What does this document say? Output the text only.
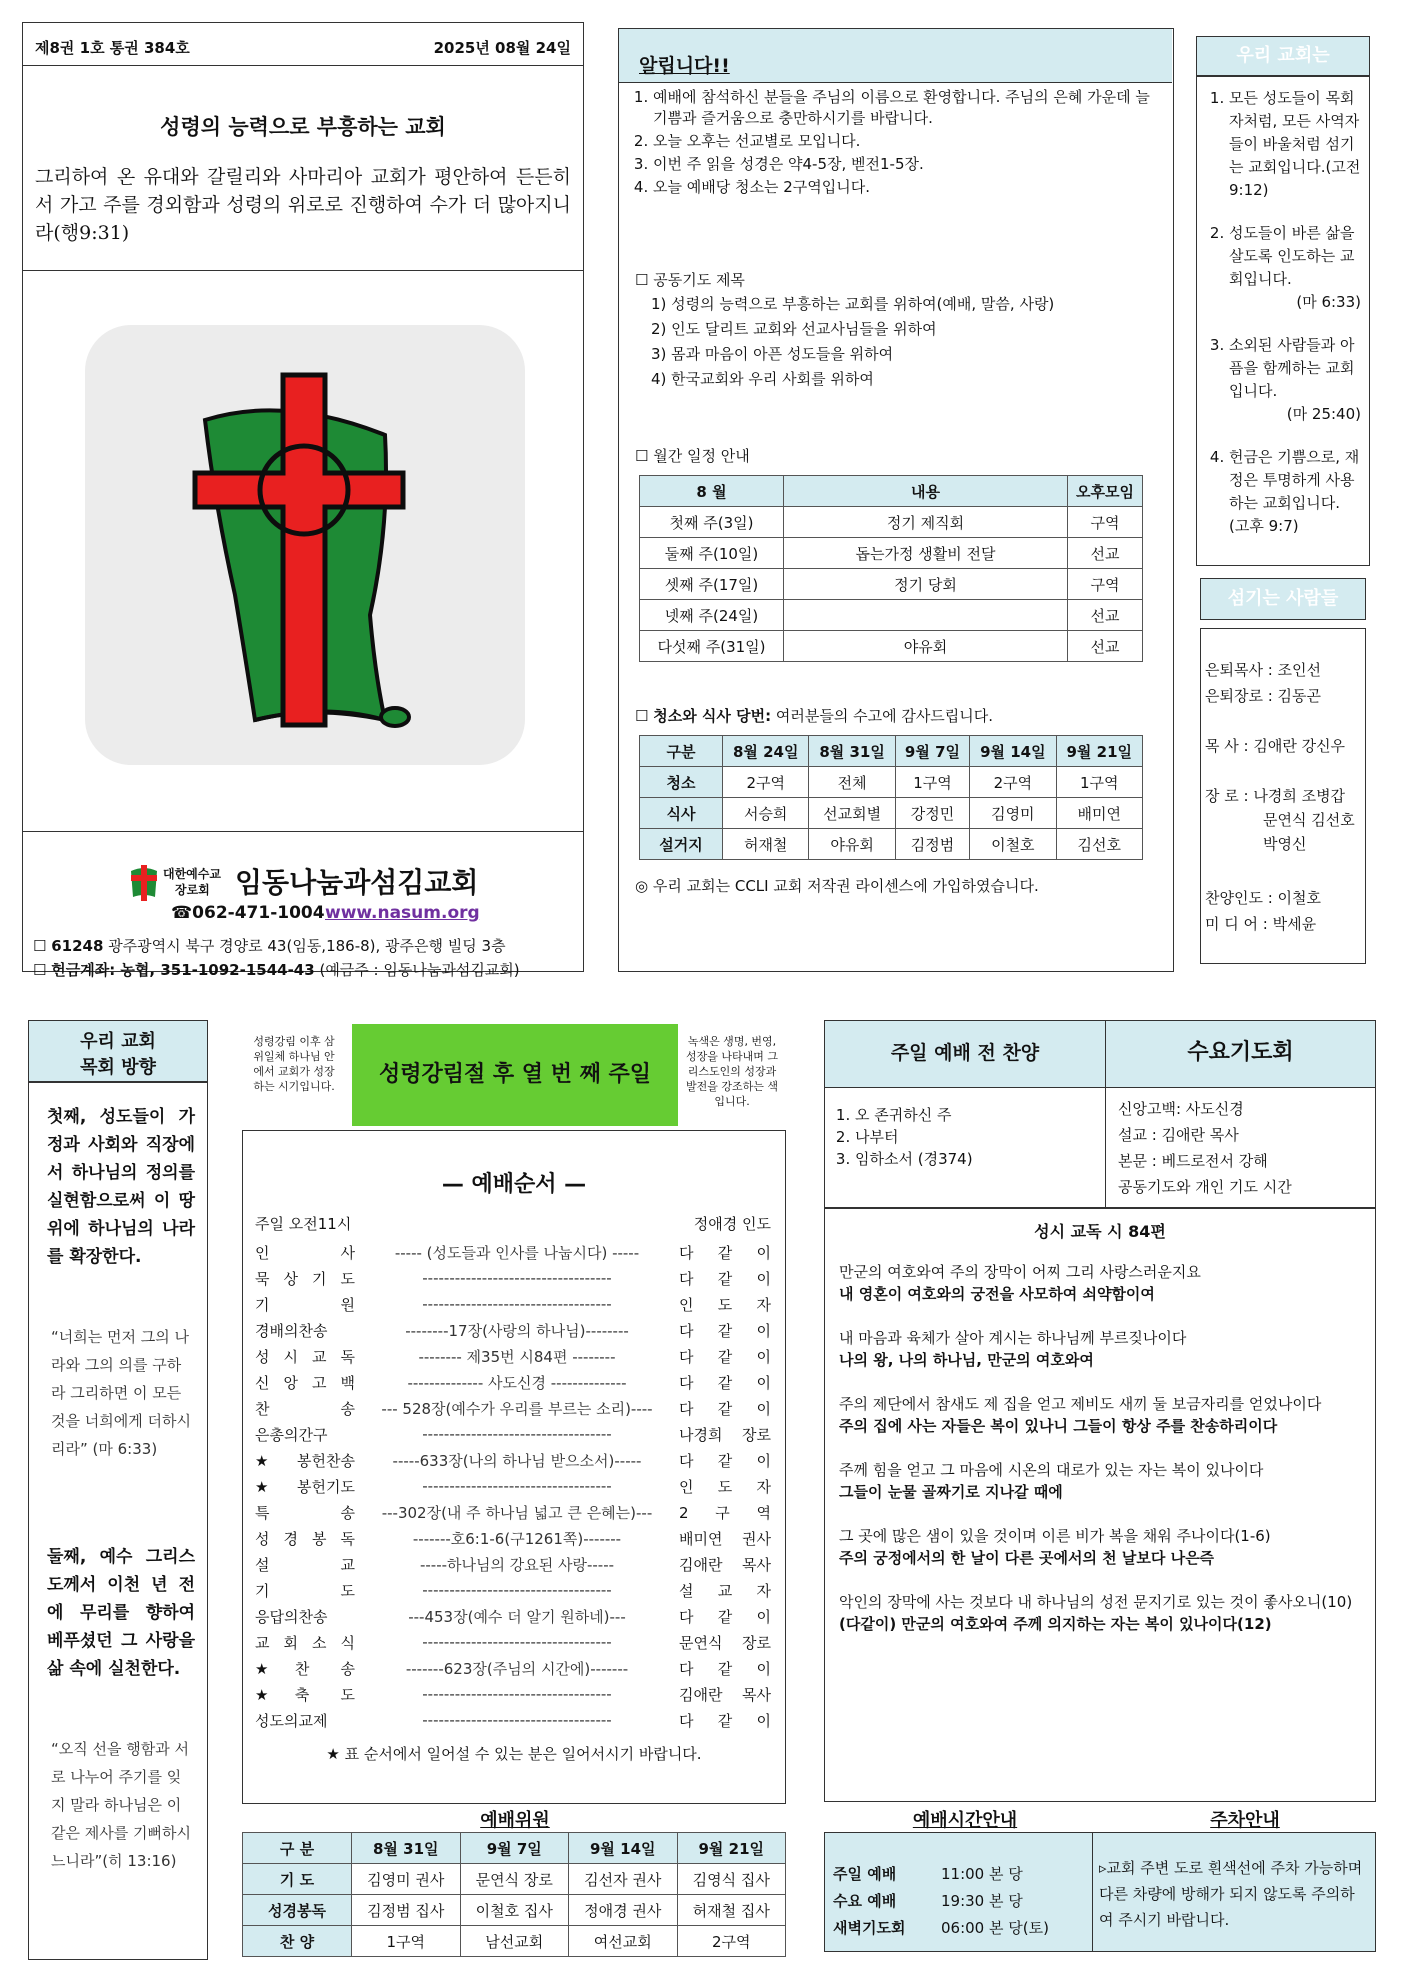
제8권 1호 통권 384호	2025년 08월 24일
성령의 능력으로 부흥하는 교회
그리하여 온 유대와 갈릴리와 사마리아 교회가 평안하여 든든히 서 가고 주를 경외함과 성령의 위로로 진행하여 수가 더 많아지니라(행9:31)
대한예수교
장로회 임동나눔과섬김교회
☎062-471-1004 www.nasum.org
☐ 61248 광주광역시 북구 경양로 43(임동,186-8), 광주은행 빌딩 3층
☐ 헌금계좌: 농협, 351-1092-1544-43 (예금주 : 임동나눔과섬김교회)
알립니다!!
1. 예배에 참석하신 분들을 주님의 이름으로 환영합니다. 주님의 은혜 가운데 늘 기쁨과 즐거움으로 충만하시기를 바랍니다.
2. 오늘 오후는 선교별로 모입니다.
3. 이번 주 읽을 성경은 약4-5장, 벧전1-5장.
4. 오늘 예배당 청소는 2구역입니다.
☐ 공동기도 제목
1) 성령의 능력으로 부흥하는 교회를 위하여(예배, 말씀, 사랑)
2) 인도 달리트 교회와 선교사님들을 위하여
3) 몸과 마음이 아픈 성도들을 위하여
4) 한국교회와 우리 사회를 위하여
☐ 월간 일정 안내
8 월	내용	오후모임
첫째 주(3일)	정기 제직회	구역
둘째 주(10일)	돕는가정 생활비 전달	선교
셋째 주(17일)	정기 당회	구역
넷째 주(24일)		선교
다섯째 주(31일)	야유회	선교
☐ 청소와 식사 당번: 여러분들의 수고에 감사드립니다.
구분	8월 24일	8월 31일	9월 7일	9월 14일	9월 21일
청소	2구역	전체	1구역	2구역	1구역
식사	서승희	선교회별	강정민	김영미	배미연
설거지	허재철	야유회	김정범	이철호	김선호
◎ 우리 교회는 CCLI 교회 저작권 라이센스에 가입하였습니다.
우리 교회는
1. 모든 성도들이 목회자처럼, 모든 사역자들이 바울처럼 섬기는 교회입니다.(고전 9:12)
2. 성도들이 바른 삶을 살도록 인도하는 교회입니다.
(마 6:33)
3. 소외된 사람들과 아픔을 함께하는 교회입니다.
(마 25:40)
4. 헌금은 기쁨으로, 재정은 투명하게 사용하는 교회입니다. (고후 9:7)
섬기는 사람들
은퇴목사 : 조인선
은퇴장로 : 김동곤
목 사 : 김애란 강신우
장 로 : 나경희 조병갑
문연식 김선호
박영신
찬양인도 : 이철호
미 디 어 : 박세윤
우리 교회
목회 방향
첫째, 성도들이 가정과 사회와 직장에서 하나님의 정의를 실현함으로써 이 땅 위에 하나님의 나라를 확장한다.
“너희는 먼저 그의 나라와 그의 의를 구하라 그리하면 이 모든 것을 너희에게 더하시리라” (마 6:33)
둘째, 예수 그리스도께서 이천 년 전에 무리를 향하여 베푸셨던 그 사랑을 삶 속에 실천한다.
“오직 선을 행함과 서로 나누어 주기를 잊지 말라 하나님은 이 같은 제사를 기뻐하시느니라”(히 13:16)
성령강림 이후 삼위일체 하나님 안에서 교회가 성장하는 시기입니다.	성령강림절 후 열 번 째 주일
녹색은 생명, 번영, 성장을 나타내며 그리스도인의 성장과 발전을 강조하는 색입니다.
— 예배순서 —
주일 오전11시	정애경 인도
인 사	----- (성도들과 인사를 나눕시다) -----	다 같 이
묵 상 기 도	-----------------------------------	다 같 이
기 원	-----------------------------------	인 도 자
경배의찬송	--------17장(사랑의 하나님)--------	다 같 이
성 시 교 독	-------- 제35번 시84편 --------	다 같 이
신 앙 고 백	-------------- 사도신경 --------------	다 같 이
찬 송	--- 528장(예수가 우리를 부르는 소리)----	다 같 이
은총의간구	-----------------------------------	나경희 장로
★봉헌찬송	-----633장(나의 하나님 받으소서)-----	다 같 이
★봉헌기도	-----------------------------------	인 도 자
특 송	---302장(내 주 하나님 넓고 큰 은혜는)---	2 구 역
성 경 봉 독	-------호6:1-6(구1261쪽)-------	배미연 권사
설 교	-----하나님의 강요된 사랑-----	김애란 목사
기 도	-----------------------------------	설 교 자
응답의찬송	---453장(예수 더 알기 원하네)---	다 같 이
교 회 소 식	-----------------------------------	문연식 장로
★찬 송	-------623장(주님의 시간에)-------	다 같 이
★축 도	-----------------------------------	김애란 목사
성도의교제	-----------------------------------	다 같 이
★ 표 순서에서 일어설 수 있는 분은 일어서시기 바랍니다.
예배위원
구 분	8월 31일	9월 7일	9월 14일	9월 21일
기 도	김영미 권사	문연식 장로	김선자 권사	김영식 집사
성경봉독	김정범 집사	이철호 집사	정애경 권사	허재철 집사
찬 양	1구역	남선교회	여선교회	2구역
주일 예배 전 찬양	수요기도회
1. 오 존귀하신 주
2. 나부터
3. 임하소서 (경374)
신앙고백: 사도신경
설교 : 김애란 목사
본문 : 베드로전서 강해
공동기도와 개인 기도 시간
성시 교독 시 84편
만군의 여호와여 주의 장막이 어찌 그리 사랑스러운지요
내 영혼이 여호와의 궁전을 사모하여 쇠약함이여
내 마음과 육체가 살아 계시는 하나님께 부르짖나이다
나의 왕, 나의 하나님, 만군의 여호와여
주의 제단에서 참새도 제 집을 얻고 제비도 새끼 둘 보금자리를 얻었나이다
주의 집에 사는 자들은 복이 있나니 그들이 항상 주를 찬송하리이다
주께 힘을 얻고 그 마음에 시온의 대로가 있는 자는 복이 있나이다
그들이 눈물 골짜기로 지나갈 때에
그 곳에 많은 샘이 있을 것이며 이른 비가 복을 채워 주나이다(1-6)
주의 궁정에서의 한 날이 다른 곳에서의 천 날보다 나은즉
악인의 장막에 사는 것보다 내 하나님의 성전 문지기로 있는 것이 좋사오니(10)
(다같이) 만군의 여호와여 주께 의지하는 자는 복이 있나이다(12)
예배시간안내	주차안내
주일 예배	11:00 본 당
수요 예배	19:30 본 당
새벽기도회 06:00 본 당(토)
▹교회 주변 도로 흰색선에 주차 가능하며 다른 차량에 방해가 되지 않도록 주의하여 주시기 바랍니다.
